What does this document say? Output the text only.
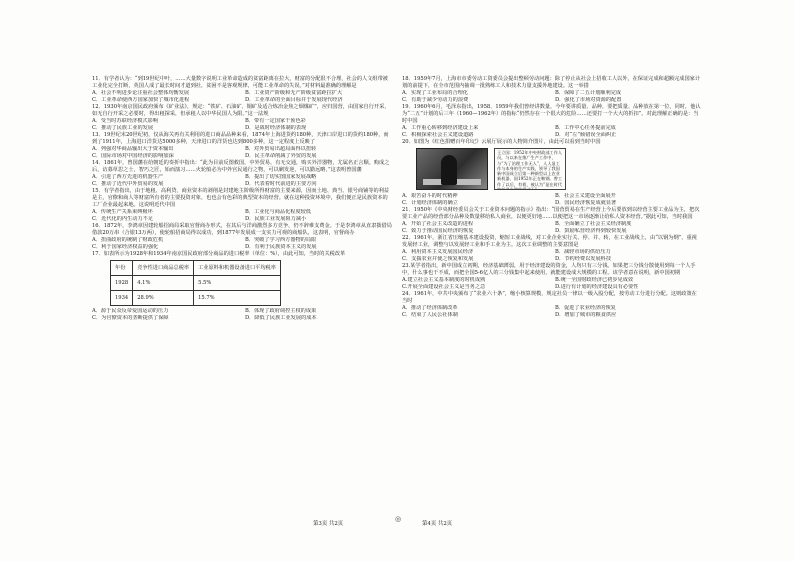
11．有学者认为：“到19世纪中叶，……大量数字说明工业革命造成的贫富距离在拉大，财富的分配很不合理，社会的人文组带被工业化完全打断，英国人成了最长时间才道到社，贫困不是客观规律，可能工业革命的失误。”对材料最准确的理解是

A．社会不明进步论注重社会整体均衡发展	B．工业资产阶级和无产阶级贫富距拉扩大

C．工业革命使西方国家加快了城市化进程	D．工业革命的全面目标并于发展现代经济

12．1930年南京国民政府颁布《矿业法》，规定：“铁矿、石油矿、铜矿及适合炼冶金焦之烟煤矿”，应归国营，由国家自行开采，如无自行开采之必要时，得出租探采，但承租人以中华民国人为限。”这一法规

A．受当时苏联经济模式影响	B．带有一定国家干预色彩

C．推动了民族工业的发展	D．是战时经济体制的表现

13．19世纪末20世纪初，仅从海关再有关利用的进口商品品种来看，1874年上海进货约180种，天津口岸进口的货约180种，而到了1911年，上海进口洋货达5000多种，天津进口的洋货也达到800多种，这一定程度上反映了

A．列强对华商品输出大于资本输出	B．对外贸易出超局面得以扭转

C．国际市场对中国经济的影响加深	D．民主革命削减了外贸的发展

14．1861年，曾国藩在给朝廷的奏折中指出：“此为目前反图救国，中外贸易，有无交通，购买外洋器物，尤属名正言顺。购成之后，访募草思之士，智巧之匠，始而演习……火轮船必为中外官民通行之物，可以剿发逆，可以勤远略，”这表明曾国藩

A．引进了西方先进的机器生产	B．提出了切实图国家发展战略

C．推动了近代中外贸易的发展	D．代表着时代前进的主要方向

15．有学者指出，由于地租、高利贷，商业资本的剥削是封建地主阶级所得财富的主要来源，因而土地、典当、银号商铺等的利益是主，官僚和商人等财富所有者的主要投资对象，也也会有色彩的典型资本的经营。就在这种投资环境中，我们便正是民族资本的工厂企业最起来地。这说明近代中国

A．传统生产关系束缚极坏	B．工业化与商品化程度较低

C．近代化的内生动力不足	D．民族工业发展阻力减小

16．1872年，李鸿章因建轮船招商局采取官督商办形式，在其后与洋商激烈多方竞争，仍不辞难支费金。于是李鸿章从直隶拨借局借款20万串（合银13万两），使轮船招商局得以成功，到1877年发展成一支实力可观的商船队，这表明，官督商办

A．扭曲政府的统制了财政危机	B．突破了学习西方器物的局限

C．利于国家经济权益的强化	D．有利于民族资本主义的发展

17．如表所示为1928年和1934年南京国民政府部分商品的进口税率（单位：%），由此可知，当时的关税改革

年份	竞争性进口商品总税率	工业原料和机器设备进口平均税率
1928	4.1%	5.5%
1934	28.9%	15.7%

A．源于民众反帝爱国运动的压力	B．体现了政府调控主权的成果

C．为官僚资本的垄断提供了保障	D．降低了民族工业发展的成本

18．1959年7月，上海市市委劳动工资委员会提出整顿劳动问题：除了停止从社会上招收工人以外，在保证完成和超额完成国家计划的前提下，在全市范围内抽调一批熟练工人和技术力量支援外地建设。这一举措

A．实现了工业布局的合理化	B．保障了二五计划顺利完成

C．有助于减少劳动力的浪费	D．强化了市场对资源的配置

19．1960年6月，毛泽东指出，1958、1959年我们曾经讲数量，今年要讲质量、品种，要把质量、品种放在第一位，同时，他认为“二五”计划的后三年（1960—1962年）的指标“仍然存在一个很大的危险……还要打一个大大的折扣”。对此理解正确的是：当时中国

A．工作重心转移到经济建设上来	B．工作中心任务提前完成

C．积极探索社会主义建设道路	D．对“左”倾错误全面纠正

20．如图为《红色捐赠百年印记》云展厅展示的人物简介图片，由此可以看到当时中国

王立国：1952年中央财政部工作人员，与以来在推广生产工作中，与“为了治理工作无人”，人人显工作与本身的生产实践，领导了我国新中国成立后第一种新型以上农业新机器，国1952年正在鞍钢。曾工作了以后，有着，被认为“是在时代的前进步骤的带动下”。

A．艰苦奋斗的时代精神	B．社会主义建设全面展开

C．计划经济体制的确立	D．国民经济恢复成就显著

21．1950年《中央财经委员会关于工业资本问题的指示》指出：“国营贸易在生产经营上今后要放到以经营主要工业品为主，把次要工业产品的经营部分品种及数量移给私人商业，以便更好地……以便把这一市场逐渐让给私人资本经营。”据此可知，当时我国

A．开始了社会主义改造的进程	B．全面确立了社会主义经济制度

C．致力于推动国民经济的恢复	D．鼓励私营经济得到较快发展

22．1961年，浙江省压缩基本建设投资，缩短工业战线，对工业企业实行关、停、并、转，在工业战线上，由“以钢为纲”，重视发展轻工业，调整与以发展轻工业和手工业为主。这次工业调整的主要意图是

A．利用资本主义发展国民经济	B．减轻市场的供给压力

C．支援农业并使之恢复和发展	D．节约经费以发展科技

23.某学者指出，新中国成立初期，经济基础薄弱，用于经济建设的资金，人均只有三分钱。如果把三分钱分散使用到每一个人手中，什么事也干不成，而把全国5-6亿人的三分钱集中起来使用，就能建设成大规模的工程。该学者意在说明，新中国初期

A.建立社会主义基本制度的时机成熟	B.统一全国财政经济已初步见成效

C.开展全面建设社会主义是当务之急	D.进行有计划的经济建设具有必要性

24．1961年，中共中央颁布了“农业六十条”，缩小核算规模，规定社员一律以一级入股分配，按劳动工分进行分配。这则政策在当时

A．推动了经济体制改革	B．促进了农业经济的恢复

C．结束了人民公社体制	D．增加了城市的粮食供应

第3页 共2页
◎
第4页 共2页
